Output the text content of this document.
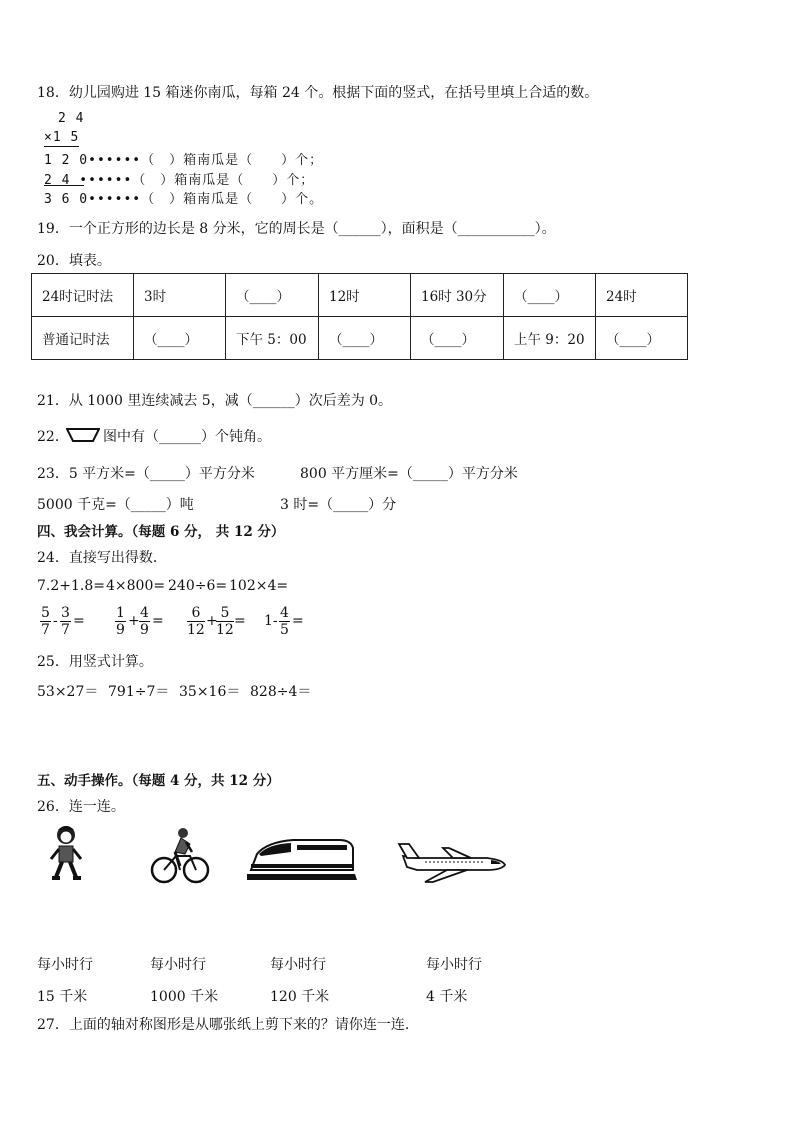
18．幼儿园购进 15 箱迷你南瓜，每箱 24 个。根据下面的竖式，在括号里填上合适的数。
2 4
×1 5
1 2 0••••••（　）箱南瓜是（　　）个；
2 4 ••••••（　）箱南瓜是（　　）个；
3 6 0••••••（　）箱南瓜是（　　）个。
19．一个正方形的边长是 8 分米，它的周长是（______），面积是（___________）。
20．填表。
24时记时法	3时	（____）	12时	16时 30分	（____）	24时
普通记时法	（____）	下午 5：00	（____）	（____）	上午 9：20	（____）
21．从 1000 里连续减去 5，减（______）次后差为 0。
22． 图中有（______）个钝角。
23．5 平方米=（_____）平方分米	800 平方厘米=（_____）平方分米
5000 千克=（_____）吨	3 时=（_____）分
四、我会计算。（每题 6 分， 共 12 分）
24．直接写出得数．
7.2+1.8= 4×800= 240÷6= 102×4=
$\frac{5}{7} - \frac{3}{7} = \frac{1}{9} + \frac{4}{9} = \frac{6}{12}$ +
$\frac{5}{12} = 1- \frac{4}{5}$ =
25．用竖式计算。
53×27＝ 791÷7＝ 35×16＝ 828÷4＝
五、动手操作。（每题 4 分，共 12 分）
26．连一连。
每小时行	每小时行	每小时行	每小时行
15 千米	1000 千米	120 千米	4 千米
27．上面的轴对称图形是从哪张纸上剪下来的？请你连一连.
